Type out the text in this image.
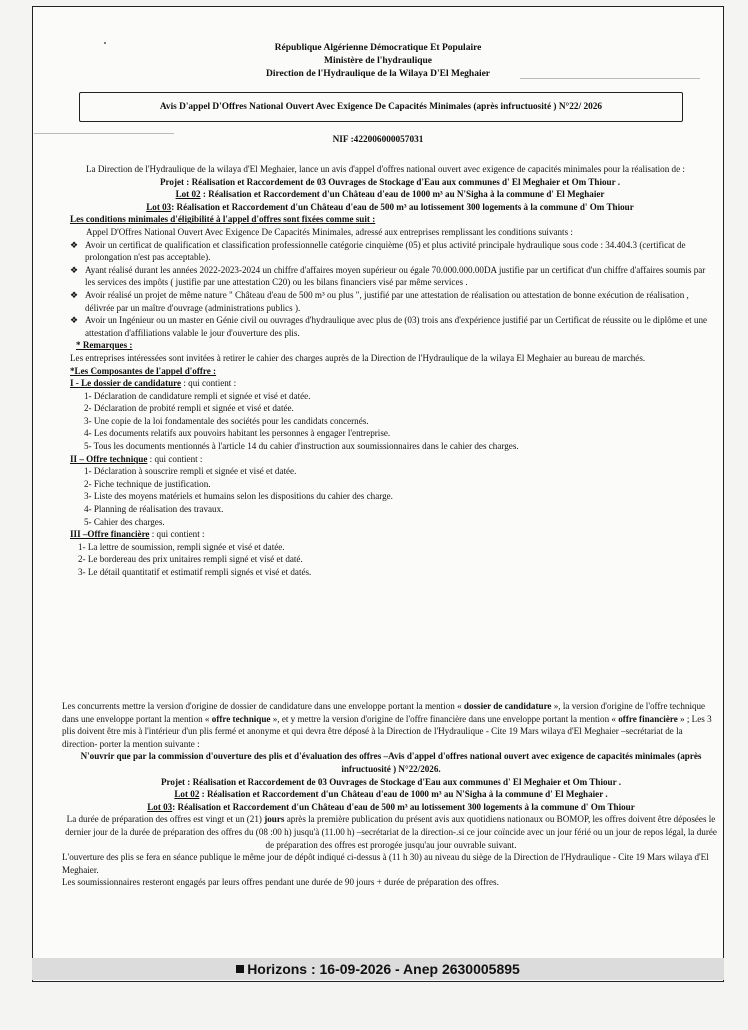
République Algérienne Démocratique Et Populaire
Ministère de l'hydraulique
Direction de l'Hydraulique de la Wilaya D'El Meghaier
Avis D'appel D'Offres National Ouvert Avec Exigence De Capacités Minimales (après infructuosité ) N°22/ 2026
NIF :422006000057031

La Direction de l'Hydraulique de la wilaya d'El Meghaier, lance un avis d'appel d'offres national ouvert avec exigence de capacités minimales pour la réalisation de :

Projet : Réalisation et Raccordement de 03 Ouvrages de Stockage d'Eau aux communes d' El Meghaier et Om Thiour .

Lot 02 : Réalisation et Raccordement d'un Château d'eau de 1000 m³ au N'Sigha à la commune d' El Meghaier

Lot 03: Réalisation et Raccordement d'un Château d'eau de 500 m³ au lotissement 300 logements à la commune d' Om Thiour

Les conditions minimales d'éligibilité à l'appel d'offres sont fixées comme suit :

Appel D'Offres National Ouvert Avec Exigence De Capacités Minimales, adressé aux entreprises remplissant les conditions suivants :

❖ Avoir un certificat de qualification et classification professionnelle catégorie cinquième (05) et plus activité principale hydraulique sous code : 34.404.3 (certificat de prolongation n'est pas acceptable).
❖ Ayant réalisé durant les années 2022-2023-2024 un chiffre d'affaires moyen supérieur ou égale 70.000.000.00DA justifie par un certificat d'un chiffre d'affaires soumis par les services des impôts ( justifie par une attestation C20) ou les bilans financiers visé par même services .
❖ Avoir réalisé un projet de même nature " Château d'eau de 500 m³ ou plus ", justifié par une attestation de réalisation ou attestation de bonne exécution de réalisation , délivrée par un maître d'ouvrage (administrations publics ).
❖ Avoir un Ingénieur ou un master en Génie civil ou ouvrages d'hydraulique avec plus de (03) trois ans d'expérience justifié par un Certificat de réussite ou le diplôme et une attestation d'affiliations valable le jour d'ouverture des plis.

* Remarques :

Les entreprises intéressées sont invitées à retirer le cahier des charges auprès de la Direction de l'Hydraulique de la wilaya El Meghaier au bureau de marchés.

*Les Composantes de l'appel d'offre :

I - Le dossier de candidature : qui contient :

1- Déclaration de candidature rempli et signée et visé et datée.

2- Déclaration de probité rempli et signée et visé et datée.

3- Une copie de la loi fondamentale des sociétés pour les candidats concernés.

4- Les documents relatifs aux pouvoirs habitant les personnes à engager l'entreprise.

5- Tous les documents mentionnés à l'article 14 du cahier d'instruction aux soumissionnaires dans le cahier des charges.

II – Offre technique : qui contient :

1- Déclaration à souscrire rempli et signée et visé et datée.

2- Fiche technique de justification.

3- Liste des moyens matériels et humains selon les dispositions du cahier des charge.

4- Planning de réalisation des travaux.

5- Cahier des charges.

III –Offre financière : qui contient :

1- La lettre de soumission, rempli signée et visé et datée.

2- Le bordereau des prix unitaires rempli signé et visé et daté.

3- Le détail quantitatif et estimatif rempli signés et visé et datés.

Les concurrents mettre la version d'origine de dossier de candidature dans une enveloppe portant la mention « dossier de candidature », la version d'origine de l'offre technique dans une enveloppe portant la mention « offre technique », et y mettre la version d'origine de l'offre financière dans une enveloppe portant la mention « offre financière » ; Les 3 plis doivent être mis à l'intérieur d'un plis fermé et anonyme et qui devra être déposé à la Direction de l'Hydraulique - Cite 19 Mars wilaya d'El Meghaier –secrétariat de la direction- porter la mention suivante :

N'ouvrir que par la commission d'ouverture des plis et d'évaluation des offres –Avis d'appel d'offres national ouvert avec exigence de capacités minimales (après infructuosité ) N°22/2026.

Projet : Réalisation et Raccordement de 03 Ouvrages de Stockage d'Eau aux communes d' El Meghaier et Om Thiour .

Lot 02 : Réalisation et Raccordement d'un Château d'eau de 1000 m³ au N'Sigha à la commune d' El Meghaier .

Lot 03: Réalisation et Raccordement d'un Château d'eau de 500 m³ au lotissement 300 logements à la commune d' Om Thiour

La durée de préparation des offres est vingt et un (21) jours après la première publication du présent avis aux quotidiens nationaux ou BOMOP, les offres doivent être déposées le dernier jour de la durée de préparation des offres du (08 :00 h) jusqu'à (11.00 h) –secrétariat de la direction-.si ce jour coïncide avec un jour férié ou un jour de repos légal, la durée de préparation des offres est prorogée jusqu'au jour ouvrable suivant.

L'ouverture des plis se fera en séance publique le même jour de dépôt indiqué ci-dessus à (11 h 30) au niveau du siège de la Direction de l'Hydraulique - Cite 19 Mars wilaya d'El Meghaier.

Les soumissionnaires resteront engagés par leurs offres pendant une durée de 90 jours + durée de préparation des offres.

Horizons : 16-09-2026 - Anep 2630005895
